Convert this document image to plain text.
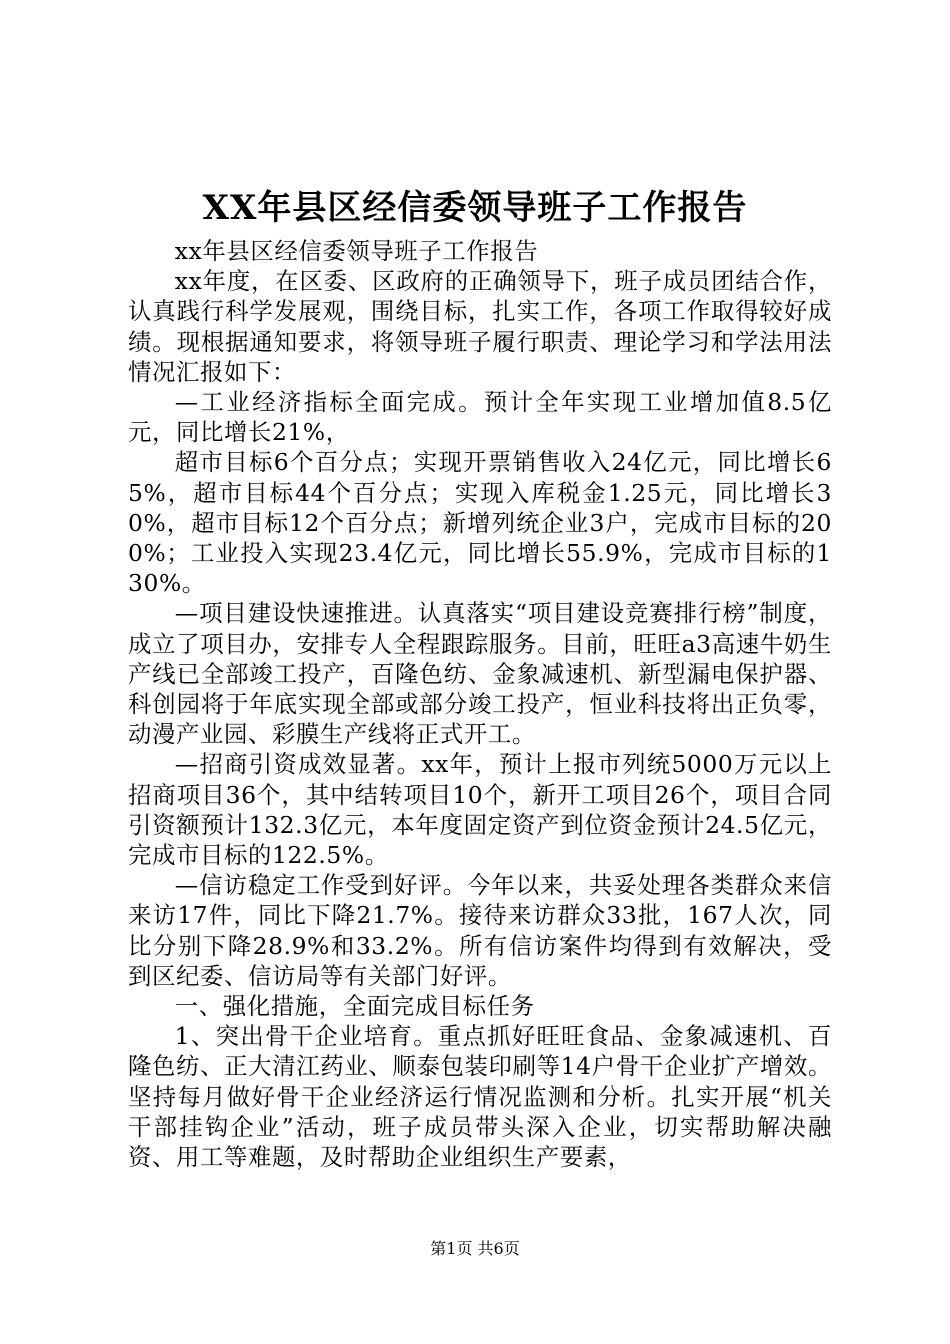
XX年县区经信委领导班子工作报告

xx年县区经信委领导班子工作报告

xx年度，在区委、区政府的正确领导下，班子成员团结合作，认真践行科学发展观，围绕目标，扎实工作，各项工作取得较好成绩。现根据通知要求，将领导班子履行职责、理论学习和学法用法情况汇报如下：

—工业经济指标全面完成。预计全年实现工业增加值8.5亿元，同比增长21%，

超市目标6个百分点；实现开票销售收入24亿元，同比增长65%，超市目标44个百分点；实现入库税金1.25元，同比增长30%，超市目标12个百分点；新增列统企业3户，完成市目标的200%；工业投入实现23.4亿元，同比增长55.9%，完成市目标的130%。

—项目建设快速推进。认真落实“项目建设竞赛排行榜”制度，成立了项目办，安排专人全程跟踪服务。目前，旺旺a3高速牛奶生产线已全部竣工投产，百隆色纺、金象减速机、新型漏电保护器、科创园将于年底实现全部或部分竣工投产，恒业科技将出正负零，动漫产业园、彩膜生产线将正式开工。

—招商引资成效显著。xx年，预计上报市列统5000万元以上招商项目36个，其中结转项目10个，新开工项目26个，项目合同引资额预计132.3亿元，本年度固定资产到位资金预计24.5亿元，完成市目标的122.5%。

—信访稳定工作受到好评。今年以来，共妥处理各类群众来信来访17件，同比下降21.7%。接待来访群众33批，167人次，同比分别下降28.9%和33.2%。所有信访案件均得到有效解决，受到区纪委、信访局等有关部门好评。

一、强化措施，全面完成目标任务

1、突出骨干企业培育。重点抓好旺旺食品、金象减速机、百隆色纺、正大清江药业、顺泰包装印刷等14户骨干企业扩产增效。坚持每月做好骨干企业经济运行情况监测和分析。扎实开展“机关干部挂钩企业”活动，班子成员带头深入企业，切实帮助解决融资、用工等难题，及时帮助企业组织生产要素，

第1页 共6页
